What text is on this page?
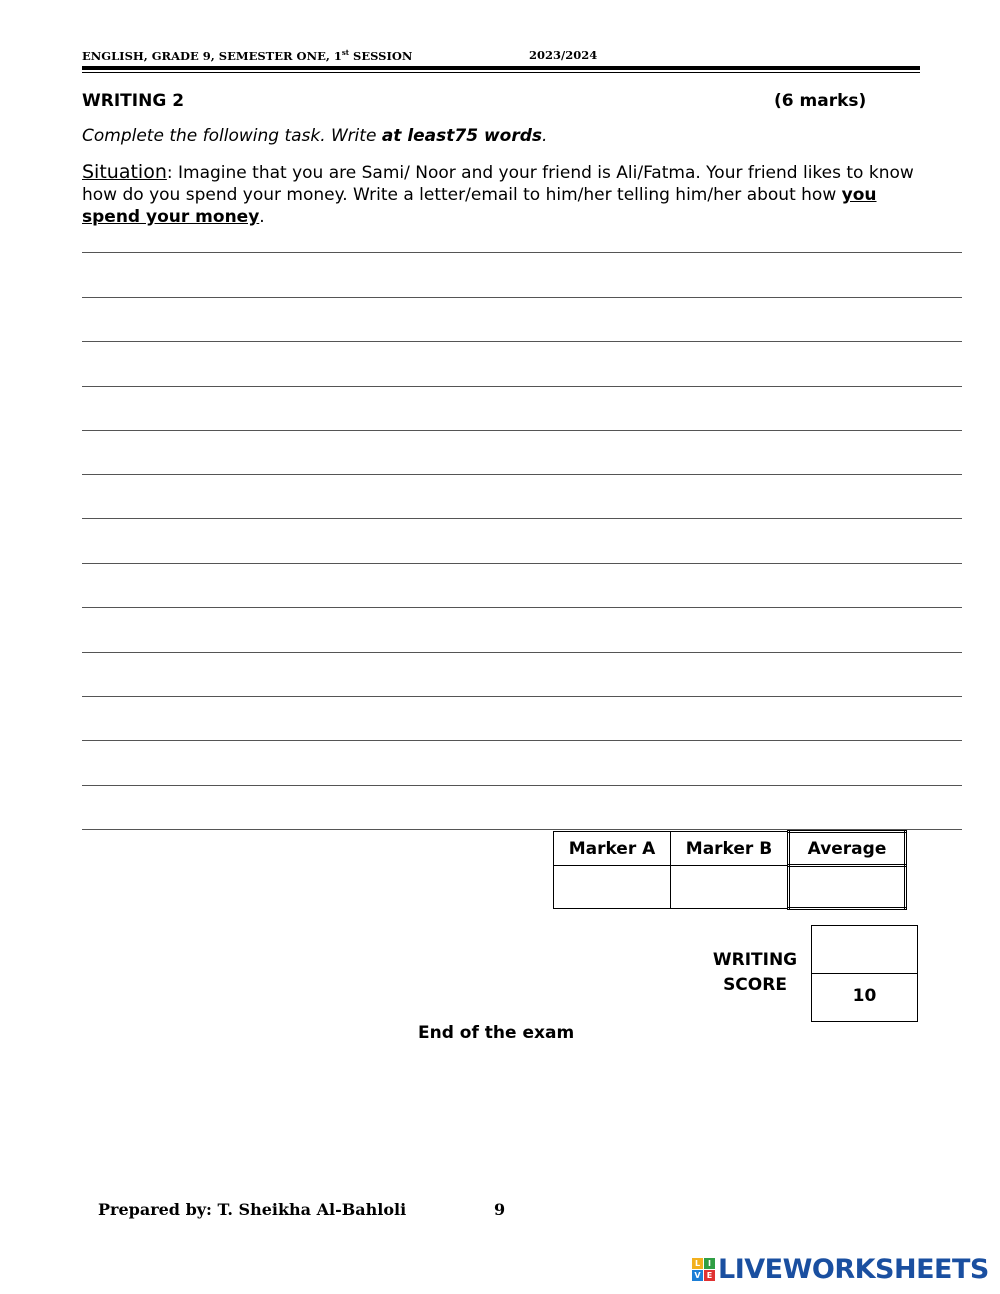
ENGLISH, GRADE 9, SEMESTER ONE, 1st SESSION	2023/2024
WRITING 2	(6 marks)
Complete the following task. Write at least75 words.
Situation: Imagine that you are Sami/ Noor and your friend is Ali/Fatma. Your friend likes to know how do you spend your money. Write a letter/email to him/her telling him/her about how you spend your money.
Marker A	Marker B	Average

WRITING
SCORE
10
End of the exam
Prepared by: T. Sheikha Al-Bahloli	9
L I
V E LIVEWORKSHEETS
